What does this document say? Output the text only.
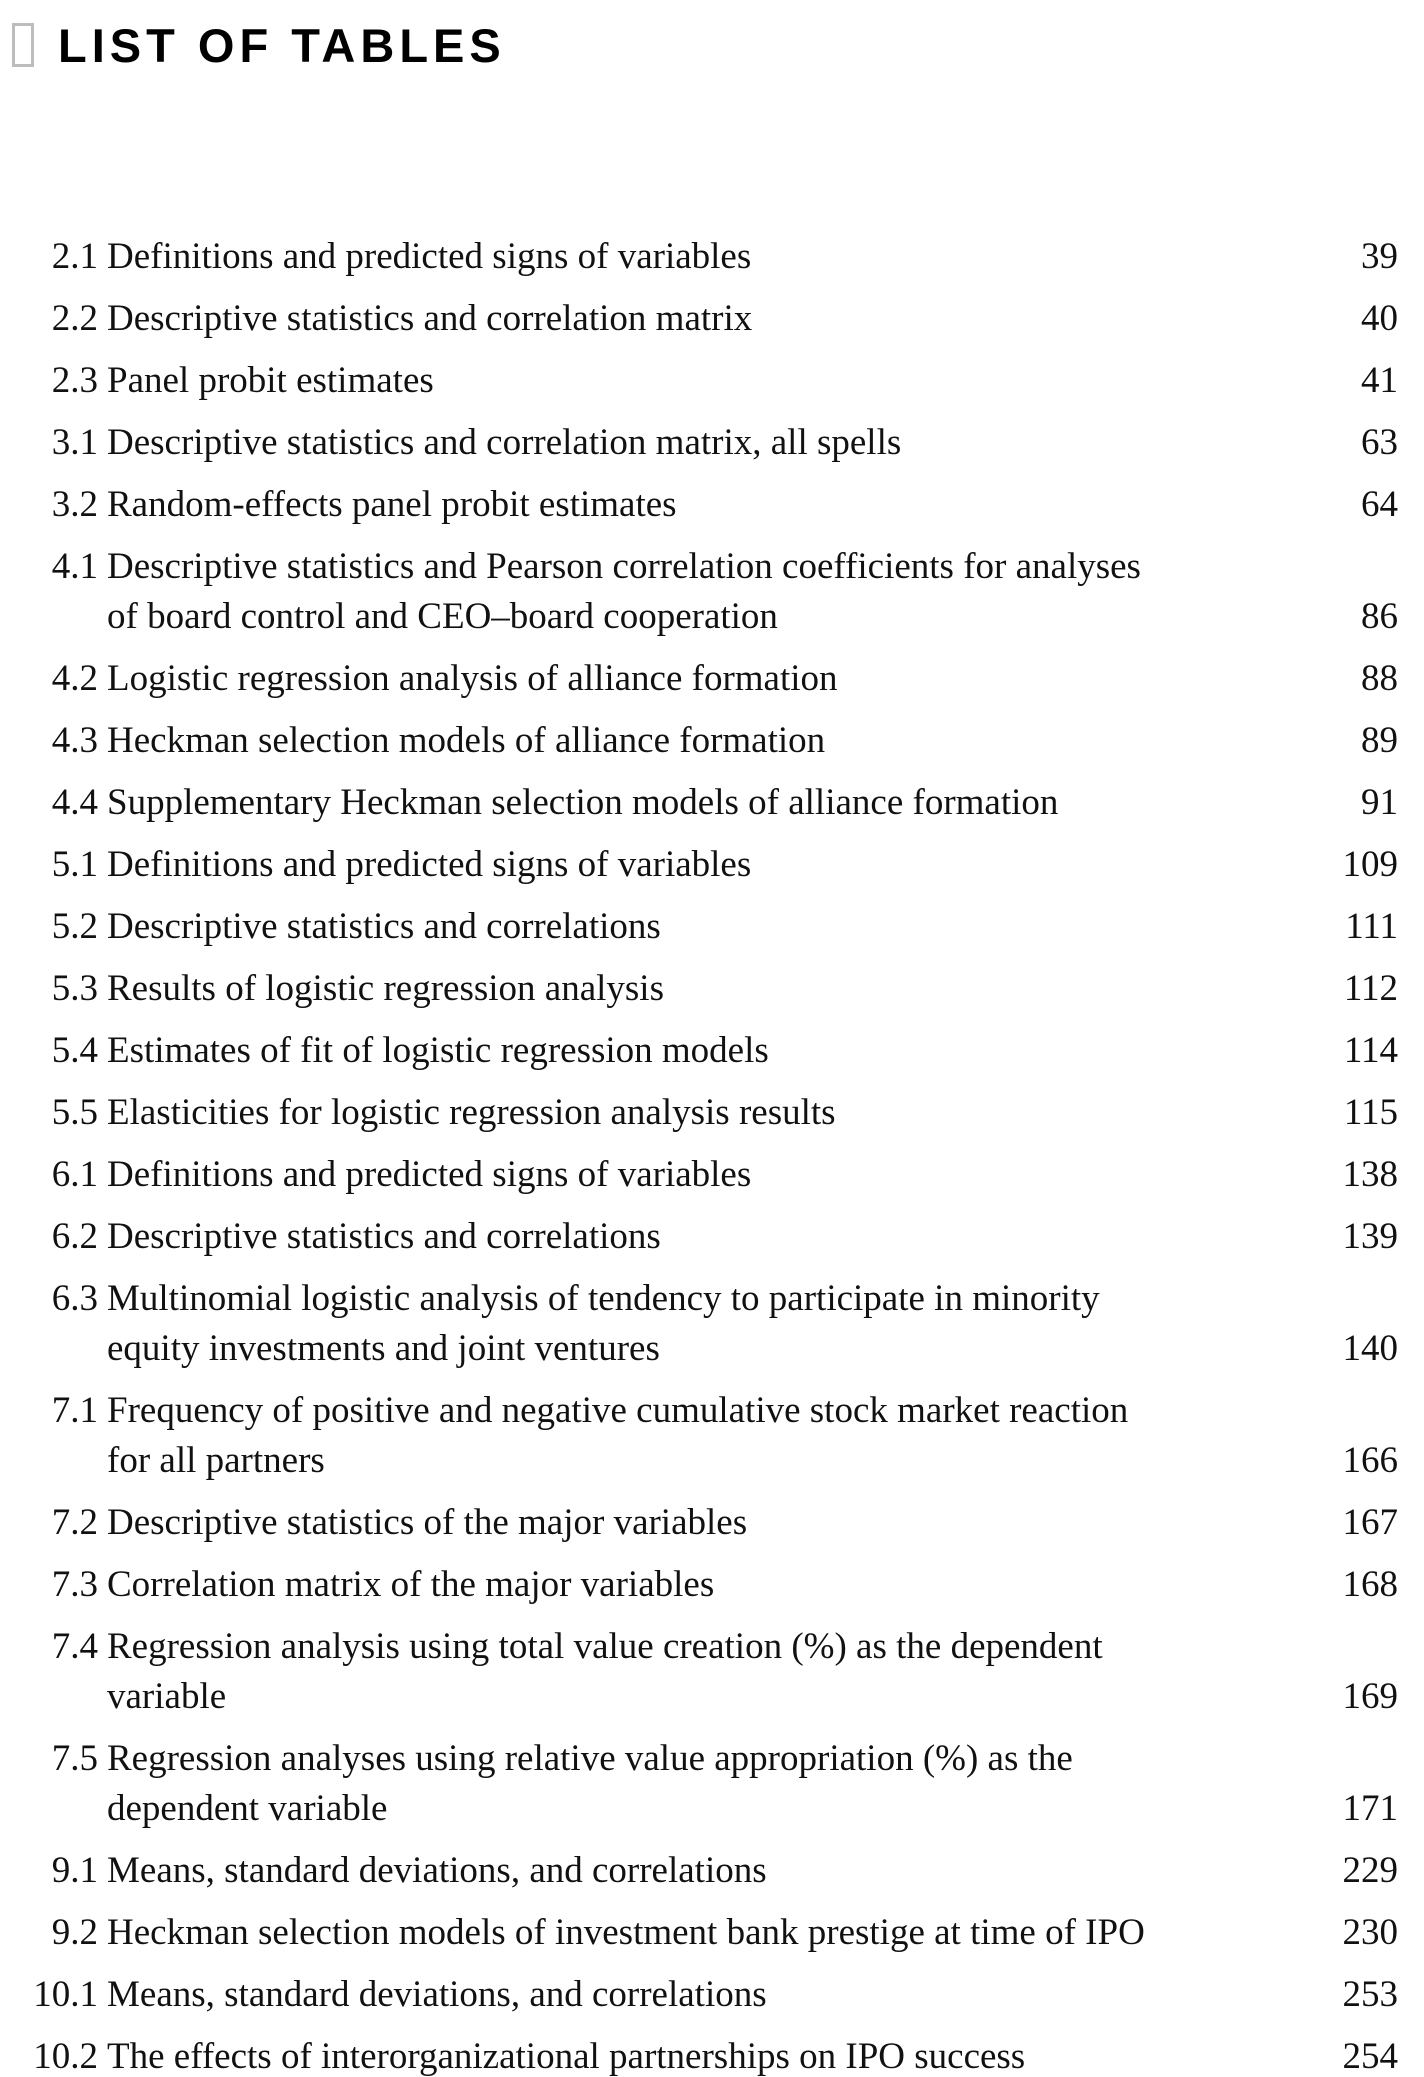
LIST OF TABLES
2.1 Definitions and predicted signs of variables	39
2.2 Descriptive statistics and correlation matrix	40
2.3 Panel probit estimates	41
3.1 Descriptive statistics and correlation matrix, all spells	63
3.2 Random-effects panel probit estimates	64
4.1 Descriptive statistics and Pearson correlation coefficients for analyses
of board control and CEO–board cooperation	86
4.2 Logistic regression analysis of alliance formation	88
4.3 Heckman selection models of alliance formation	89
4.4 Supplementary Heckman selection models of alliance formation	91
5.1 Definitions and predicted signs of variables	109
5.2 Descriptive statistics and correlations	111
5.3 Results of logistic regression analysis	112
5.4 Estimates of fit of logistic regression models	114
5.5 Elasticities for logistic regression analysis results	115
6.1 Definitions and predicted signs of variables	138
6.2 Descriptive statistics and correlations	139
6.3 Multinomial logistic analysis of tendency to participate in minority
equity investments and joint ventures	140
7.1 Frequency of positive and negative cumulative stock market reaction
for all partners	166
7.2 Descriptive statistics of the major variables	167
7.3 Correlation matrix of the major variables	168
7.4 Regression analysis using total value creation (%) as the dependent
variable	169
7.5 Regression analyses using relative value appropriation (%) as the
dependent variable	171
9.1 Means, standard deviations, and correlations	229
9.2 Heckman selection models of investment bank prestige at time of IPO	230
10.1 Means, standard deviations, and correlations	253
10.2 The effects of interorganizational partnerships on IPO success	254
